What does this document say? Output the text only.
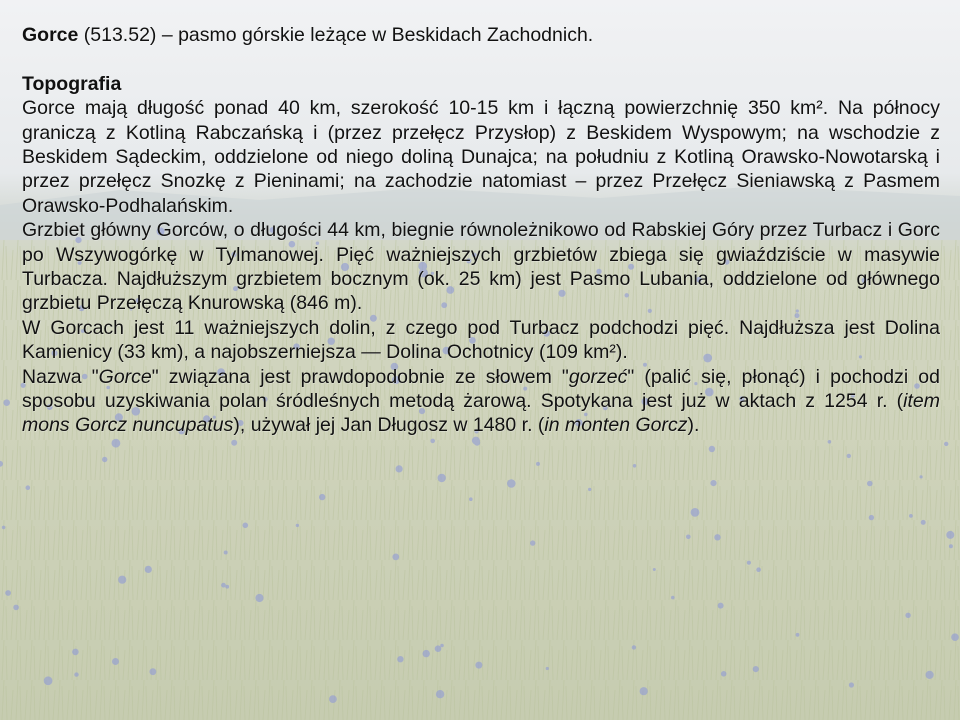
Gorce (513.52) – pasmo górskie leżące w Beskidach Zachodnich.

Topografia

Gorce mają długość ponad 40 km, szerokość 10-15 km i łączną powierzchnię 350 km². Na północy graniczą z Kotliną Rabczańską i (przez przełęcz Przysłop) z Beskidem Wyspowym; na wschodzie z Beskidem Sądeckim, oddzielone od niego doliną Dunajca; na południu z Kotliną Orawsko-Nowotarską i przez przełęcz Snozkę z Pieninami; na zachodzie natomiast – przez Przełęcz Sieniawską z Pasmem Orawsko-Podhalańskim.

Grzbiet główny Gorców, o długości 44 km, biegnie równoleżnikowo od Rabskiej Góry przez Turbacz i Gorc po Wszywogórkę w Tylmanowej. Pięć ważniejszych grzbietów zbiega się gwiaździście w masywie Turbacza. Najdłuższym grzbietem bocznym (ok. 25 km) jest Pasmo Lubania, oddzielone od głównego grzbietu Przełęczą Knurowską (846 m).

W Gorcach jest 11 ważniejszych dolin, z czego pod Turbacz podchodzi pięć. Najdłuższa jest Dolina Kamienicy (33 km), a najobszerniejsza — Dolina Ochotnicy (109 km²).

Nazwa "Gorce" związana jest prawdopodobnie ze słowem "gorzeć" (palić się, płonąć) i pochodzi od sposobu uzyskiwania polan śródleśnych metodą żarową. Spotykana jest już w aktach z 1254 r. (item mons Gorcz nuncupatus), używał jej Jan Długosz w 1480 r. (in monten Gorcz).
